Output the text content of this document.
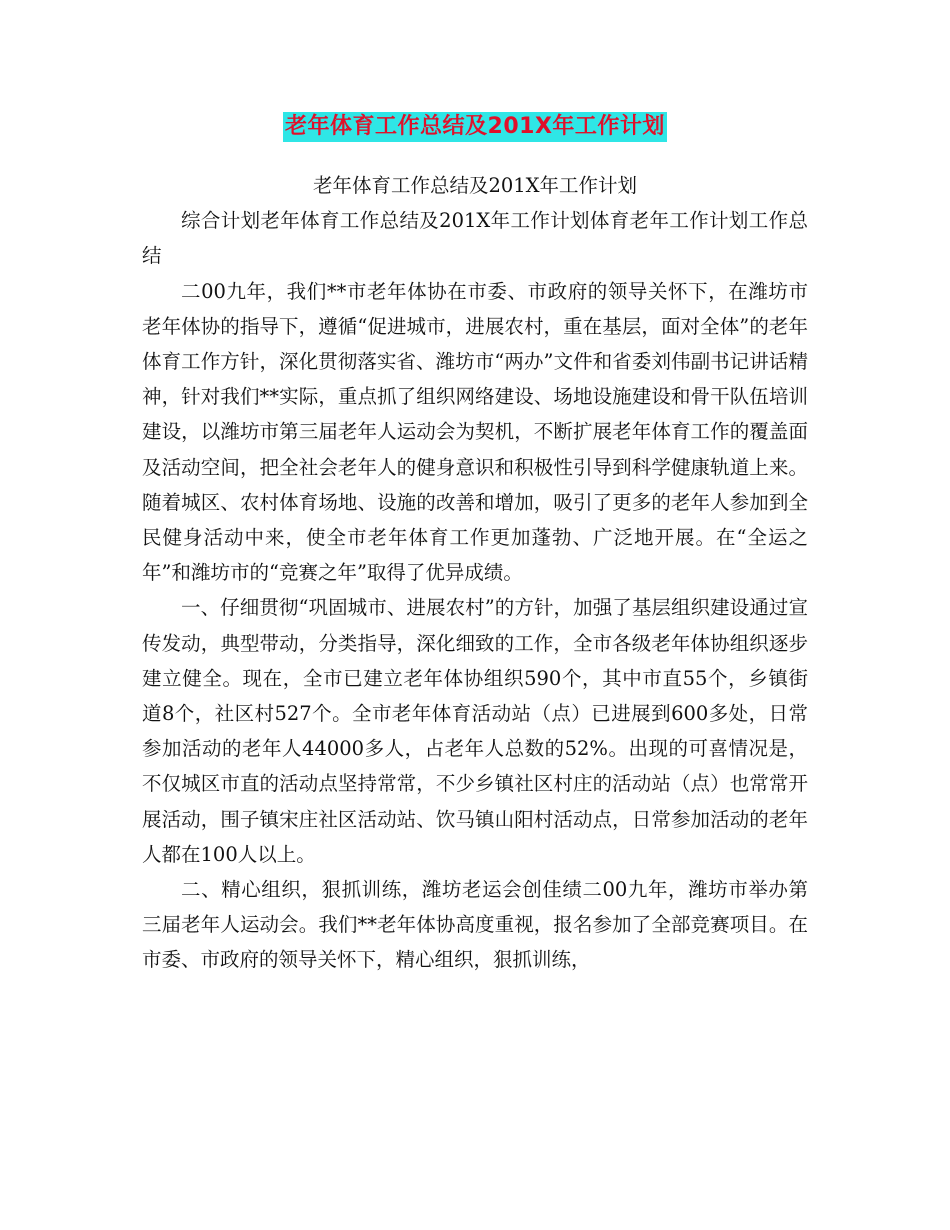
老年体育工作总结及201X年工作计划

老年体育工作总结及201X年工作计划

综合计划老年体育工作总结及201X年工作计划体育老年工作计划工作总结

二00九年，我们**市老年体协在市委、市政府的领导关怀下，在潍坊市老年体协的指导下，遵循“促进城市，进展农村，重在基层，面对全体”的老年体育工作方针，深化贯彻落实省、潍坊市“两办”文件和省委刘伟副书记讲话精神，针对我们**实际，重点抓了组织网络建设、场地设施建设和骨干队伍培训建设，以潍坊市第三届老年人运动会为契机，不断扩展老年体育工作的覆盖面及活动空间，把全社会老年人的健身意识和积极性引导到科学健康轨道上来。随着城区、农村体育场地、设施的改善和增加，吸引了更多的老年人参加到全民健身活动中来，使全市老年体育工作更加蓬勃、广泛地开展。在“全运之年”和潍坊市的“竞赛之年”取得了优异成绩。

一、仔细贯彻“巩固城市、进展农村”的方针，加强了基层组织建设通过宣传发动，典型带动，分类指导，深化细致的工作，全市各级老年体协组织逐步建立健全。现在，全市已建立老年体协组织590个，其中市直55个，乡镇街道8个，社区村527个。全市老年体育活动站（点）已进展到600多处，日常参加活动的老年人44000多人，占老年人总数的52%。出现的可喜情况是，不仅城区市直的活动点坚持常常，不少乡镇社区村庄的活动站（点）也常常开展活动，围子镇宋庄社区活动站、饮马镇山阳村活动点，日常参加活动的老年人都在100人以上。

二、精心组织，狠抓训练，潍坊老运会创佳绩二00九年，潍坊市举办第三届老年人运动会。我们**老年体协高度重视，报名参加了全部竞赛项目。在市委、市政府的领导关怀下，精心组织，狠抓训练，
